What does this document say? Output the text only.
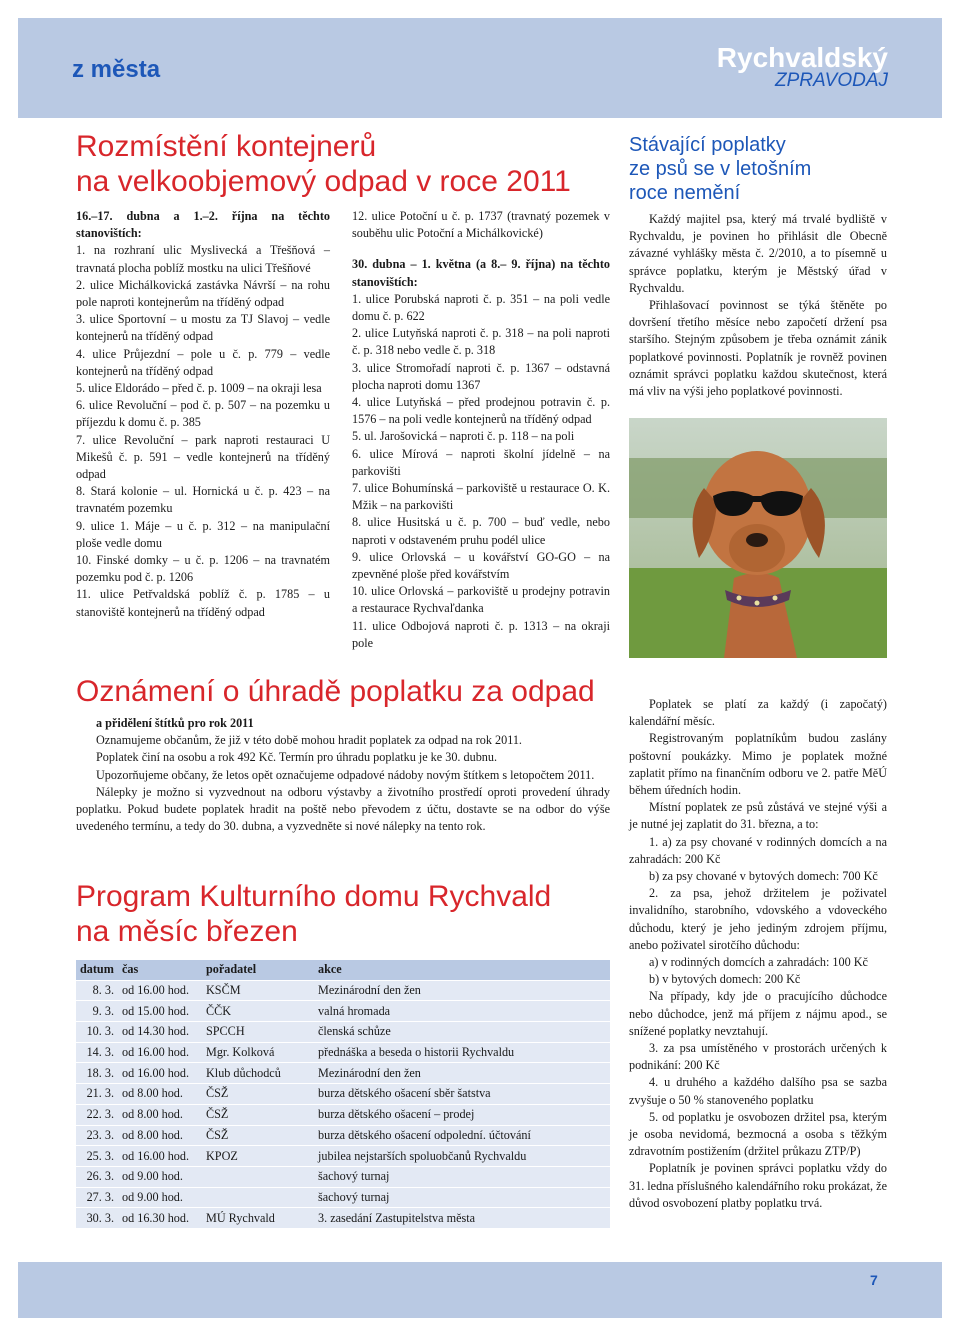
z města	Rychvaldský
ZPRAVODAJ
Rozmístění kontejnerů
na velkoobjemový odpad v roce 2011

16.–17. dubna a 1.–2. října na těchto stanovištích:

1. na rozhraní ulic Myslivecká a Třešňová – travnatá plocha poblíž mostku na ulici Třešňové

2. ulice Michálkovická zastávka Návrší – na rohu pole naproti kontejnerům na tříděný odpad

3. ulice Sportovní – u mostu za TJ Slavoj – vedle kontejnerů na tříděný odpad

4. ulice Průjezdní – pole u č. p. 779 – vedle kontejnerů na tříděný odpad

5. ulice Eldorádo – před č. p. 1009 – na okraji lesa

6. ulice Revoluční – pod č. p. 507 – na pozemku u příjezdu k domu č. p. 385

7. ulice Revoluční – park naproti restauraci U Mikešů č. p. 591 – vedle kontejnerů na tříděný odpad

8. Stará kolonie – ul. Hornická u č. p. 423 – na travnatém pozemku

9. ulice 1. Máje – u č. p. 312 – na manipulační ploše vedle domu

10. Finské domky – u č. p. 1206 – na travnatém pozemku pod č. p. 1206

11. ulice Petřvaldská poblíž č. p. 1785 – u stanoviště kontejnerů na tříděný odpad

12. ulice Potoční u č. p. 1737 (travnatý pozemek v souběhu ulic Potoční a Michálkovické)

30. dubna – 1. května (a 8.– 9. října) na těchto stanovištích:

1. ulice Porubská naproti č. p. 351 – na poli vedle domu č. p. 622

2. ulice Lutyňská naproti č. p. 318 – na poli naproti č. p. 318 nebo vedle č. p. 318

3. ulice Stromořadí naproti č. p. 1367 – odstavná plocha naproti domu 1367

4. ulice Lutyňská – před prodejnou potravin č. p. 1576 – na poli vedle kontejnerů na tříděný odpad

5. ul. Jarošovická – naproti č. p. 118 – na poli

6. ulice Mírová – naproti školní jídelně – na parkovišti

7. ulice Bohumínská – parkoviště u restaurace O. K. Mžik – na parkovišti

8. ulice Husitská u č. p. 700 – buď vedle, nebo naproti v odstaveném pruhu podél ulice

9. ulice Orlovská – u kovářství GO-GO – na zpevněné ploše před kovářstvím

10. ulice Orlovská – parkoviště u prodejny potravin a restaurace Rychvaľdanka

11. ulice Odbojová naproti č. p. 1313 – na okraji pole

Stávající poplatky
ze psů se v letošním
roce nemění

Každý majitel psa, který má trvalé bydliště v Rychvaldu, je povinen ho přihlásit dle Obecně závazné vyhlášky města č. 2/2010, a to písemně u správce poplatku, kterým je Městský úřad v Rychvaldu.

Přihlašovací povinnost se týká štěněte po dovršení třetího měsíce nebo započetí držení psa staršího. Stejným způsobem je třeba oznámit zánik poplatkové povinnosti. Poplatník je rovněž povinen oznámit správci poplatku každou skutečnost, která má vliv na výši jeho poplatkové povinnosti.

Poplatek se platí za každý (i započatý) kalendářní měsíc.

Registrovaným poplatníkům budou zaslány poštovní poukázky. Mimo je poplatek možné zaplatit přímo na finančním odboru ve 2. patře MěÚ během úředních hodin.

Místní poplatek ze psů zůstává ve stejné výši a je nutné jej zaplatit do 31. března, a to:

1. a) za psy chované v rodinných domcích a na zahradách: 200 Kč

b) za psy chované v bytových domech: 700 Kč

2. za psa, jehož držitelem je poživatel invalidního, starobního, vdovského a vdoveckého důchodu, který je jeho jediným zdrojem příjmu, anebo poživatel sirotčího důchodu:

a) v rodinných domcích a zahradách: 100 Kč

b) v bytových domech: 200 Kč

Na případy, kdy jde o pracujícího důchodce nebo důchodce, jenž má příjem z nájmu apod., se snížené poplatky nevztahují.

3. za psa umístěného v prostorách určených k podnikání: 200 Kč

4. u druhého a každého dalšího psa se sazba zvyšuje o 50 % stanoveného poplatku

5. od poplatku je osvobozen držitel psa, kterým je osoba nevidomá, bezmocná a osoba s těžkým zdravotním postižením (držitel průkazu ZTP/P)

Poplatník je povinen správci poplatku vždy do 31. ledna příslušného kalendářního roku prokázat, že důvod osvobození platby poplatku trvá.

Oznámení o úhradě poplatku za odpad

a přidělení štítků pro rok 2011

Oznamujeme občanům, že již v této době mohou hradit poplatek za odpad na rok 2011.

Poplatek činí na osobu a rok 492 Kč. Termín pro úhradu poplatku je ke 30. dubnu.

Upozorňujeme občany, že letos opět označujeme odpadové nádoby novým štítkem s letopočtem 2011.

Nálepky je možno si vyzvednout na odboru výstavby a životního prostředí oproti provedení úhrady poplatku. Pokud budete poplatek hradit na poště nebo převodem z účtu, dostavte se na odbor do výše uvedeného termínu, a tedy do 30. dubna, a vyzvedněte si nové nálepky na tento rok.

Program Kulturního domu Rychvald
na měsíc březen
datum	čas	pořadatel	akce
8. 3.	od 16.00 hod.	KSČM	Mezinárodní den žen
9. 3.	od 15.00 hod.	ČČK	valná hromada
10. 3.	od 14.30 hod.	SPCCH	členská schůze
14. 3.	od 16.00 hod.	Mgr. Kolková	přednáška a beseda o historii Rychvaldu
18. 3.	od 16.00 hod.	Klub důchodců	Mezinárodní den žen
21. 3.	od 8.00 hod.	ČSŽ	burza dětského ošacení sběr šatstva
22. 3.	od 8.00 hod.	ČSŽ	burza dětského ošacení – prodej
23. 3.	od 8.00 hod.	ČSŽ	burza dětského ošacení odpolední. účtování
25. 3.	od 16.00 hod.	KPOZ	jubilea nejstarších spoluobčanů Rychvaldu
26. 3.	od 9.00 hod.		šachový turnaj
27. 3.	od 9.00 hod.		šachový turnaj
30. 3.	od 16.30 hod.	MÚ Rychvald	3. zasedání Zastupitelstva města
7
